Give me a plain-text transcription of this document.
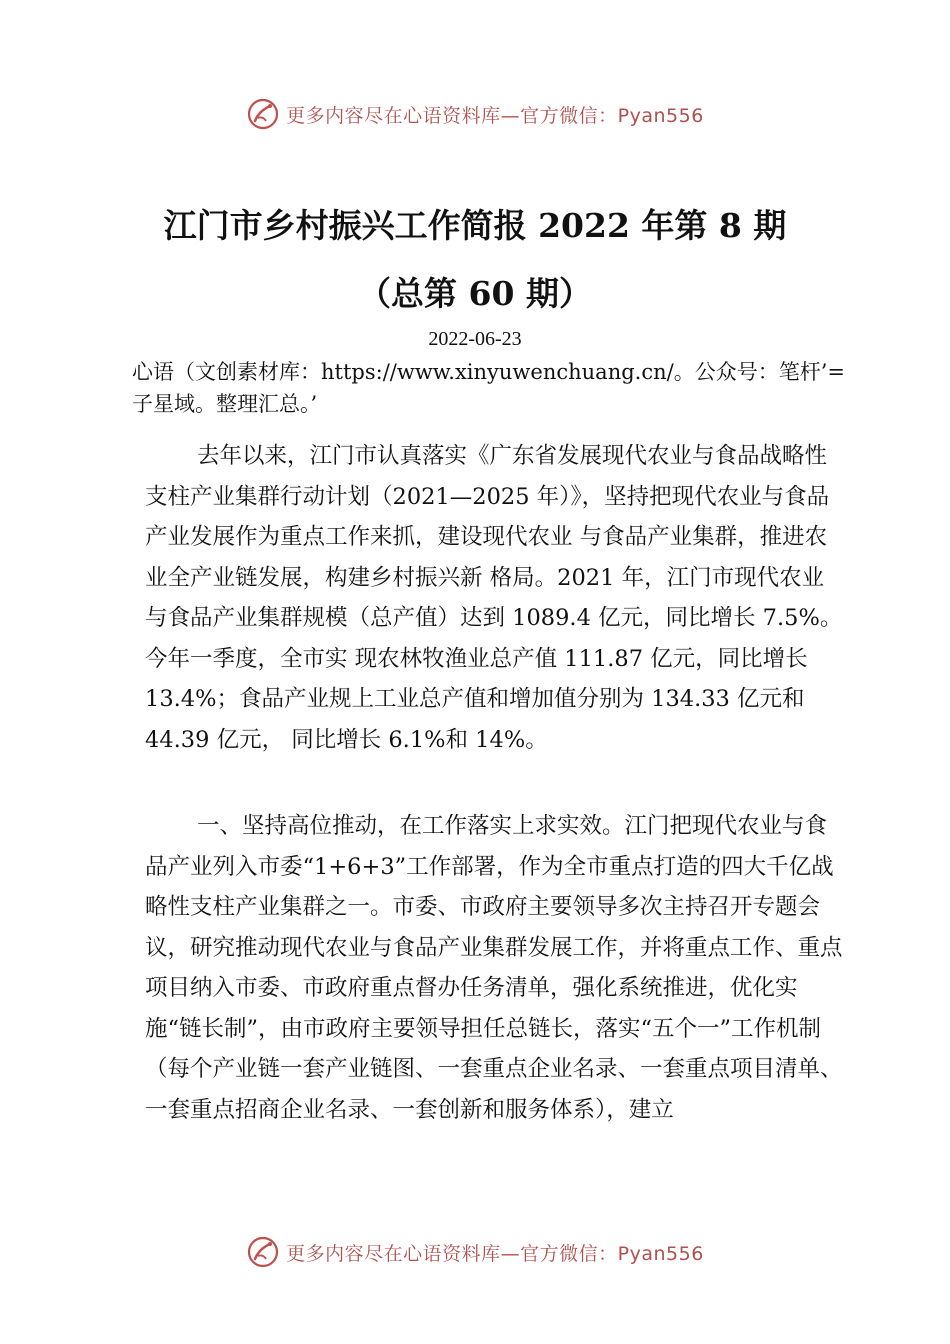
更多内容尽在心语资料库—官方微信：Pyan556
江门市乡村振兴工作简报 2022 年第 8 期
（总第 60 期）
2022-06-23
心语（文创素材库：https://www.xinyuwenchuang.cn/。公众号：笔杆’=子星域。整理汇总。’

去年以来，江门市认真落实《广东省发展现代农业与食品战略性支柱产业集群行动计划（2021—2025 年）》，坚持把现代农业与食品产业发展作为重点工作来抓，建设现代农业 与食品产业集群，推进农业全产业链发展，构建乡村振兴新 格局。2021 年，江门市现代农业与食品产业集群规模（总产值）达到 1089.4 亿元，同比增长 7.5%。今年一季度，全市实 现农林牧渔业总产值 111.87 亿元，同比增长 13.4%；食品产业规上工业总产值和增加值分别为 134.33 亿元和 44.39 亿元， 同比增长 6.1%和 14%。

一、坚持高位推动，在工作落实上求实效。江门把现代农业与食品产业列入市委“1+6+3”工作部署，作为全市重点打造的四大千亿战略性支柱产业集群之一。市委、市政府主要领导多次主持召开专题会议，研究推动现代农业与食品产业集群发展工作，并将重点工作、重点项目纳入市委、市政府重点督办任务清单，强化系统推进，优化实施“链长制”，由市政府主要领导担任总链长，落实“五个一”工作机制（每个产业链一套产业链图、一套重点企业名录、一套重点项目清单、一套重点招商企业名录、一套创新和服务体系），建立

更多内容尽在心语资料库—官方微信：Pyan556
